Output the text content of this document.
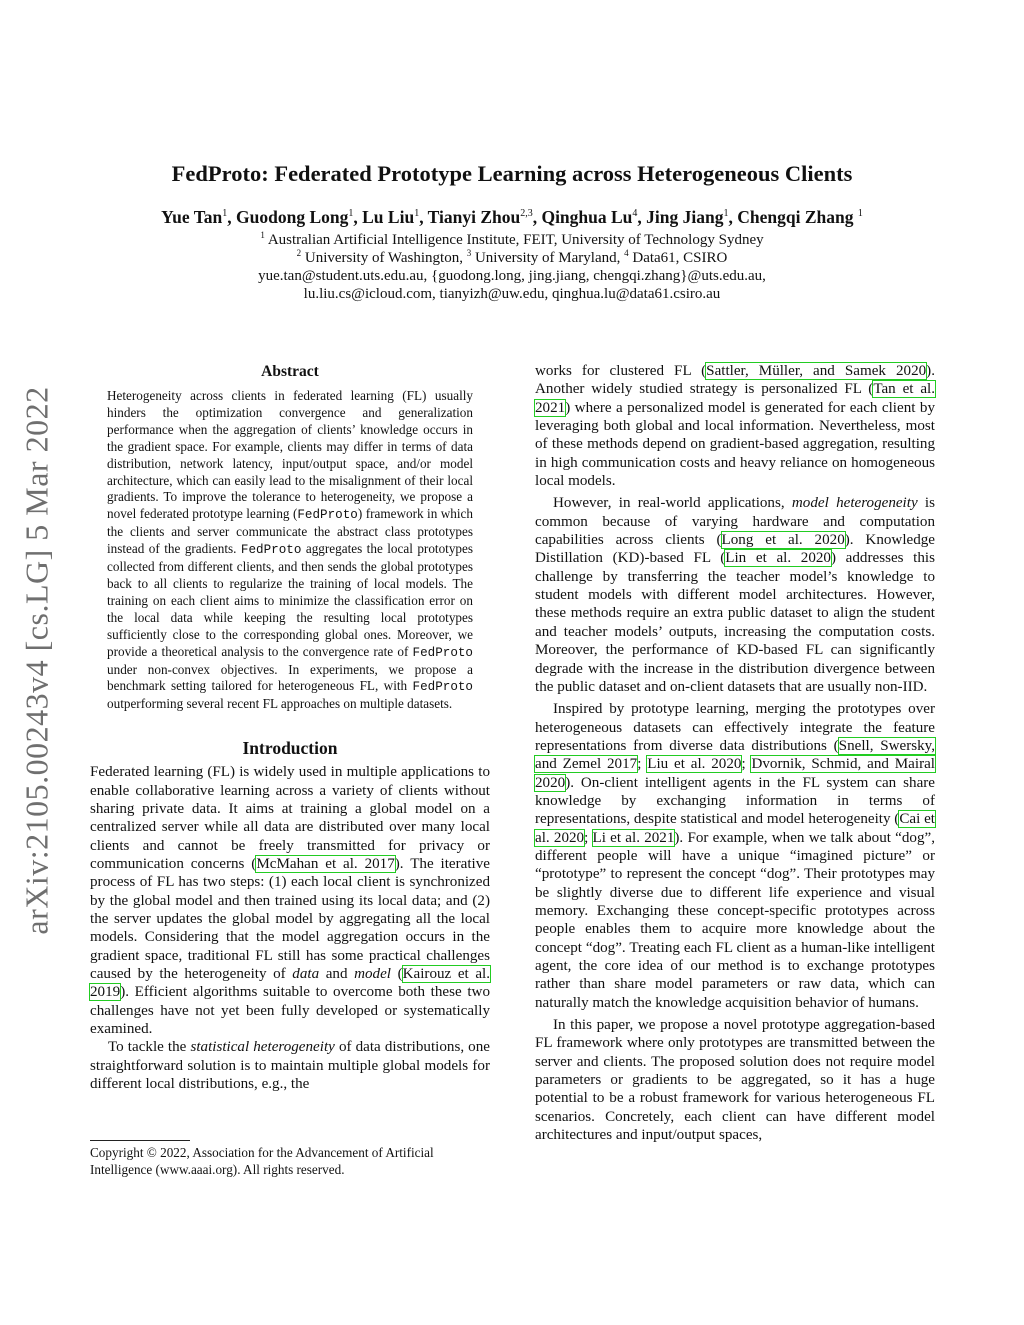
arXiv:2105.00243v4 [cs.LG] 5 Mar 2022
FedProto: Federated Prototype Learning across Heterogeneous Clients
Yue Tan$^1$, Guodong Long$^1$, Lu Liu$^1$, Tianyi Zhou$^{2,3}$, Qinghua Lu$^4$, Jing Jiang$^1$, Chengqi Zhang $^1$
$^1$ Australian Artificial Intelligence Institute, FEIT, University of Technology Sydney
$^2$ University of Washington, $^3$ University of Maryland, $^4$ Data61, CSIRO
yue.tan@student.uts.edu.au, {guodong.long, jing.jiang, chengqi.zhang}@uts.edu.au,
lu.liu.cs@icloud.com, tianyizh@uw.edu, qinghua.lu@data61.csiro.au
Abstract

Heterogeneity across clients in federated learning (FL) usually hinders the optimization convergence and generalization performance when the aggregation of clients’ knowledge occurs in the gradient space. For example, clients may differ in terms of data distribution, network latency, input/output space, and/or model architecture, which can easily lead to the misalignment of their local gradients. To improve the tolerance to heterogeneity, we propose a novel federated prototype learning (FedProto) framework in which the clients and server communicate the abstract class prototypes instead of the gradients. FedProto aggregates the local prototypes collected from different clients, and then sends the global prototypes back to all clients to regularize the training of local models. The training on each client aims to minimize the classification error on the local data while keeping the resulting local prototypes sufficiently close to the corresponding global ones. Moreover, we provide a theoretical analysis to the convergence rate of FedProto under non-convex objectives. In experiments, we propose a benchmark setting tailored for heterogeneous FL, with FedProto outperforming several recent FL approaches on multiple datasets.

Introduction

Federated learning (FL) is widely used in multiple applications to enable collaborative learning across a variety of clients without sharing private data. It aims at training a global model on a centralized server while all data are distributed over many local clients and cannot be freely transmitted for privacy or communication concerns (McMahan et al. 2017). The iterative process of FL has two steps: (1) each local client is synchronized by the global model and then trained using its local data; and (2) the server updates the global model by aggregating all the local models. Considering that the model aggregation occurs in the gradient space, traditional FL still has some practical challenges caused by the heterogeneity of data and model (Kairouz et al. 2019). Efficient algorithms suitable to overcome both these two challenges have not yet been fully developed or systematically examined.

To tackle the statistical heterogeneity of data distributions, one straightforward solution is to maintain multiple global models for different local distributions, e.g., the

works for clustered FL (Sattler, Müller, and Samek 2020). Another widely studied strategy is personalized FL (Tan et al. 2021) where a personalized model is generated for each client by leveraging both global and local information. Nevertheless, most of these methods depend on gradient-based aggregation, resulting in high communication costs and heavy reliance on homogeneous local models.

However, in real-world applications, model heterogeneity is common because of varying hardware and computation capabilities across clients (Long et al. 2020). Knowledge Distillation (KD)-based FL (Lin et al. 2020) addresses this challenge by transferring the teacher model’s knowledge to student models with different model architectures. However, these methods require an extra public dataset to align the student and teacher models’ outputs, increasing the computation costs. Moreover, the performance of KD-based FL can significantly degrade with the increase in the distribution divergence between the public dataset and on-client datasets that are usually non-IID.

Inspired by prototype learning, merging the prototypes over heterogeneous datasets can effectively integrate the feature representations from diverse data distributions (Snell, Swersky, and Zemel 2017; Liu et al. 2020; Dvornik, Schmid, and Mairal 2020). On-client intelligent agents in the FL system can share knowledge by exchanging information in terms of representations, despite statistical and model heterogeneity (Cai et al. 2020; Li et al. 2021). For example, when we talk about “dog”, different people will have a unique “imagined picture” or “prototype” to represent the concept “dog”. Their prototypes may be slightly diverse due to different life experience and visual memory. Exchanging these concept-specific prototypes across people enables them to acquire more knowledge about the concept “dog”. Treating each FL client as a human-like intelligent agent, the core idea of our method is to exchange prototypes rather than share model parameters or raw data, which can naturally match the knowledge acquisition behavior of humans.

In this paper, we propose a novel prototype aggregation-based FL framework where only prototypes are transmitted between the server and clients. The proposed solution does not require model parameters or gradients to be aggregated, so it has a huge potential to be a robust framework for various heterogeneous FL scenarios. Concretely, each client can have different model architectures and input/output spaces,

Copyright © 2022, Association for the Advancement of Artificial Intelligence (www.aaai.org). All rights reserved.
